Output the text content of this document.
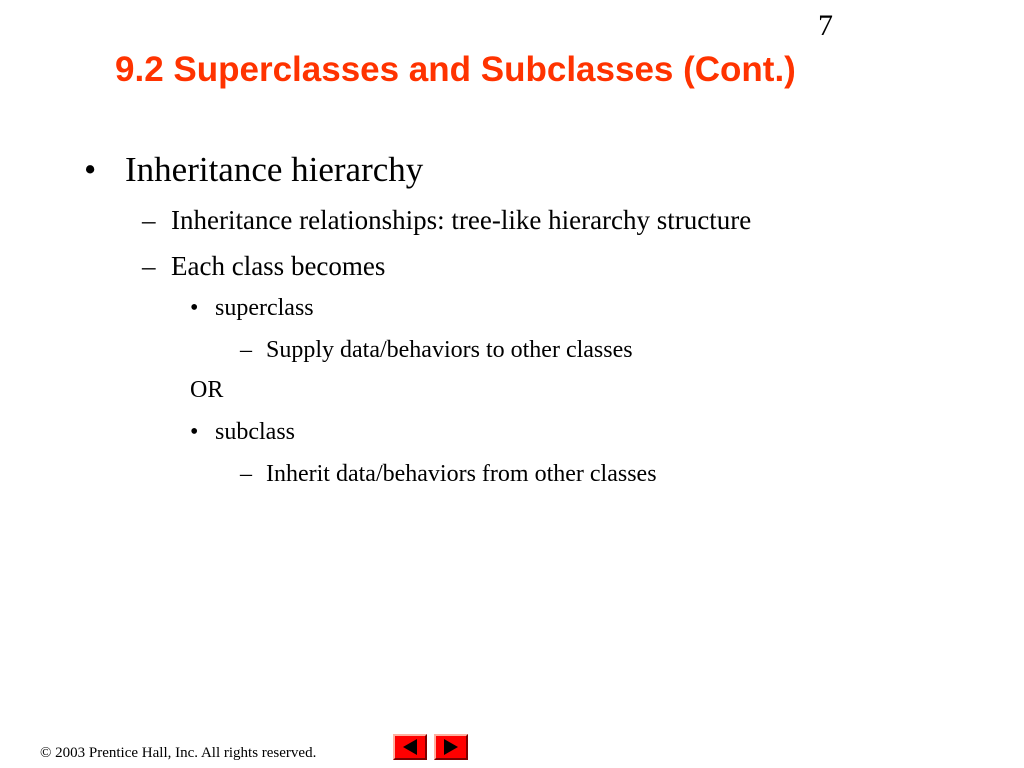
7
9.2 Superclasses and Subclasses (Cont.)
• Inheritance hierarchy
– Inheritance relationships: tree-like hierarchy structure
– Each class becomes
• superclass
– Supply data/behaviors to other classes
OR
• subclass
– Inherit data/behaviors from other classes
© 2003 Prentice Hall, Inc. All rights reserved.
